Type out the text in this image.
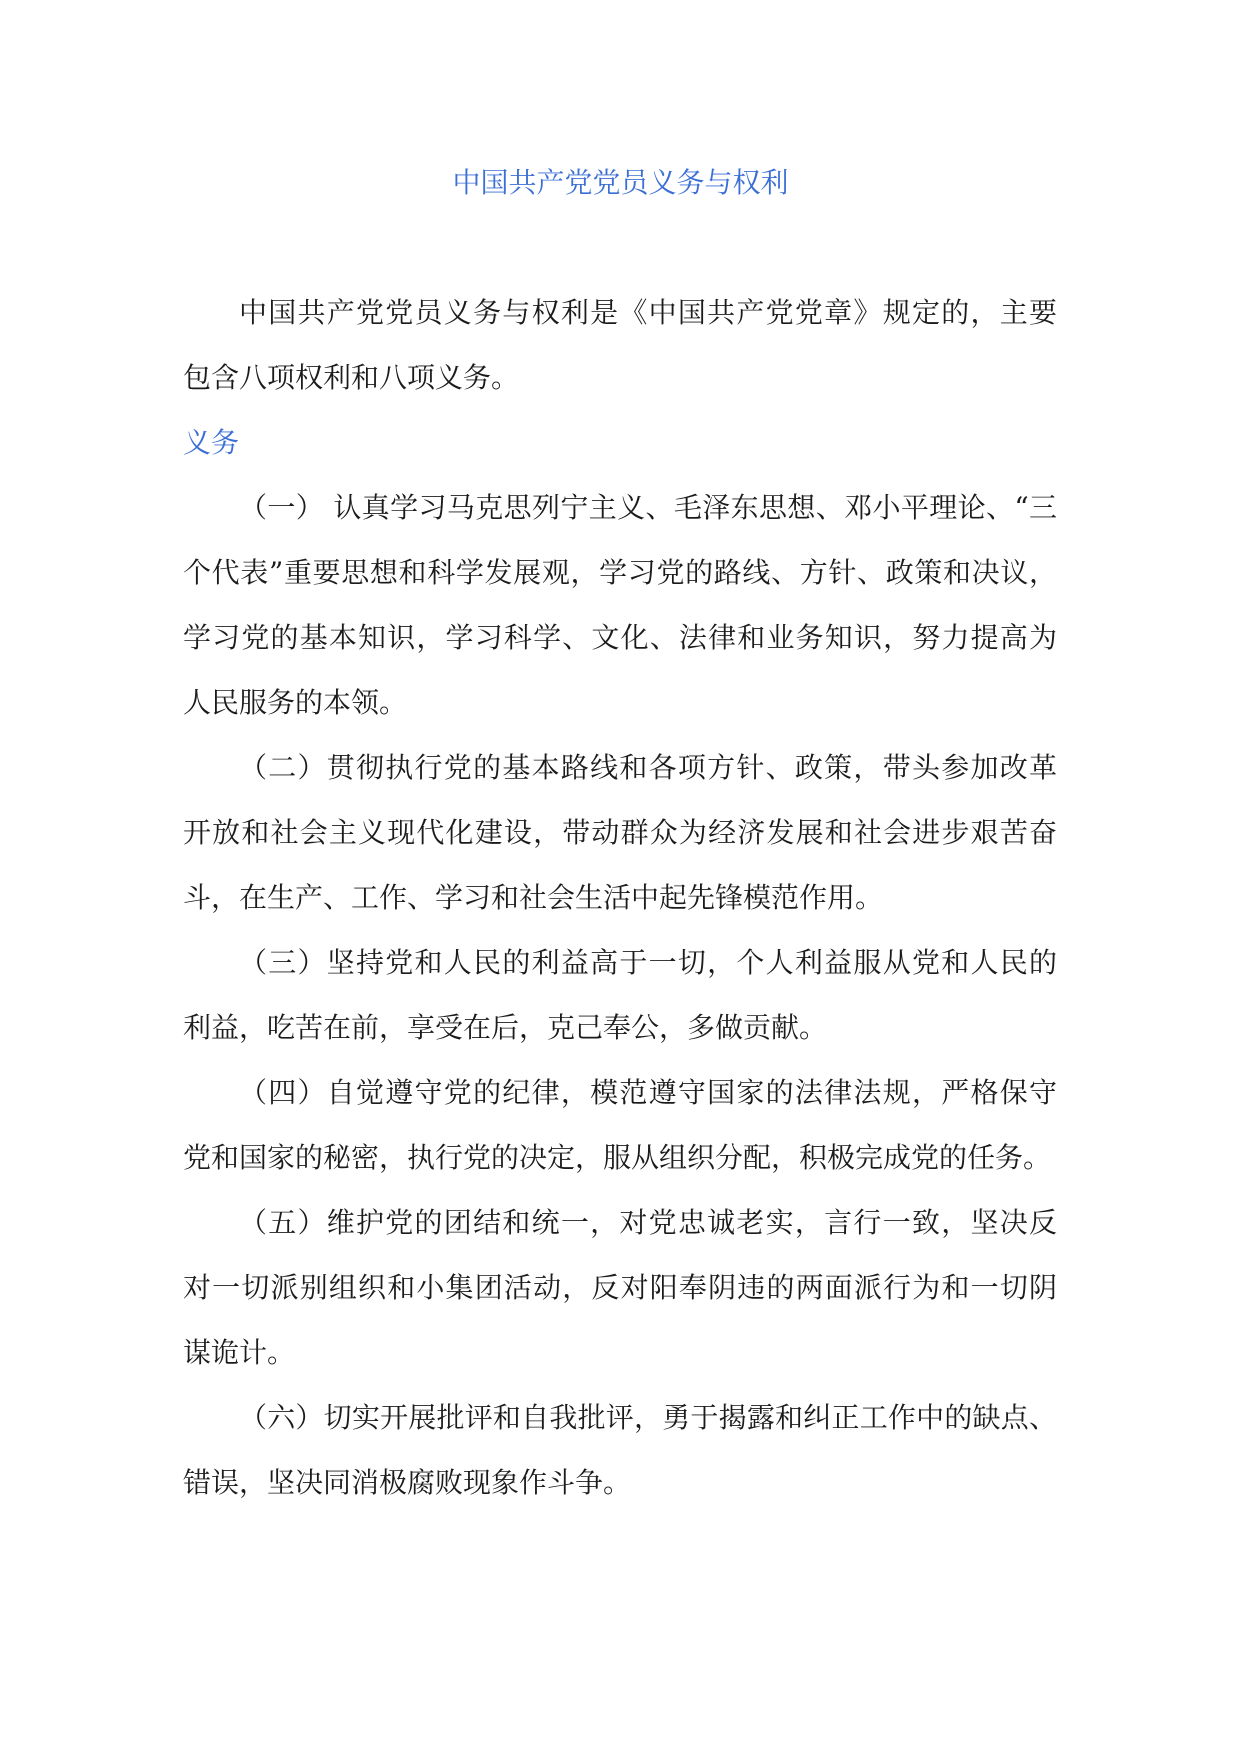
中国共产党党员义务与权利
中国共产党党员义务与权利是《中国共产党党章》规定的，主要
包含八项权利和八项义务。
义务
（一） 认真学习马克思列宁主义、毛泽东思想、邓小平理论、“三
个代表”重要思想和科学发展观，学习党的路线、方针、政策和决议，
学习党的基本知识，学习科学、文化、法律和业务知识，努力提高为
人民服务的本领。
（二）贯彻执行党的基本路线和各项方针、政策，带头参加改革
开放和社会主义现代化建设，带动群众为经济发展和社会进步艰苦奋
斗，在生产、工作、学习和社会生活中起先锋模范作用。
（三）坚持党和人民的利益高于一切，个人利益服从党和人民的
利益，吃苦在前，享受在后，克己奉公，多做贡献。
（四）自觉遵守党的纪律，模范遵守国家的法律法规，严格保守
党和国家的秘密，执行党的决定，服从组织分配，积极完成党的任务。
（五）维护党的团结和统一，对党忠诚老实，言行一致，坚决反
对一切派别组织和小集团活动，反对阳奉阴违的两面派行为和一切阴
谋诡计。
（六）切实开展批评和自我批评，勇于揭露和纠正工作中的缺点、
错误，坚决同消极腐败现象作斗争。
